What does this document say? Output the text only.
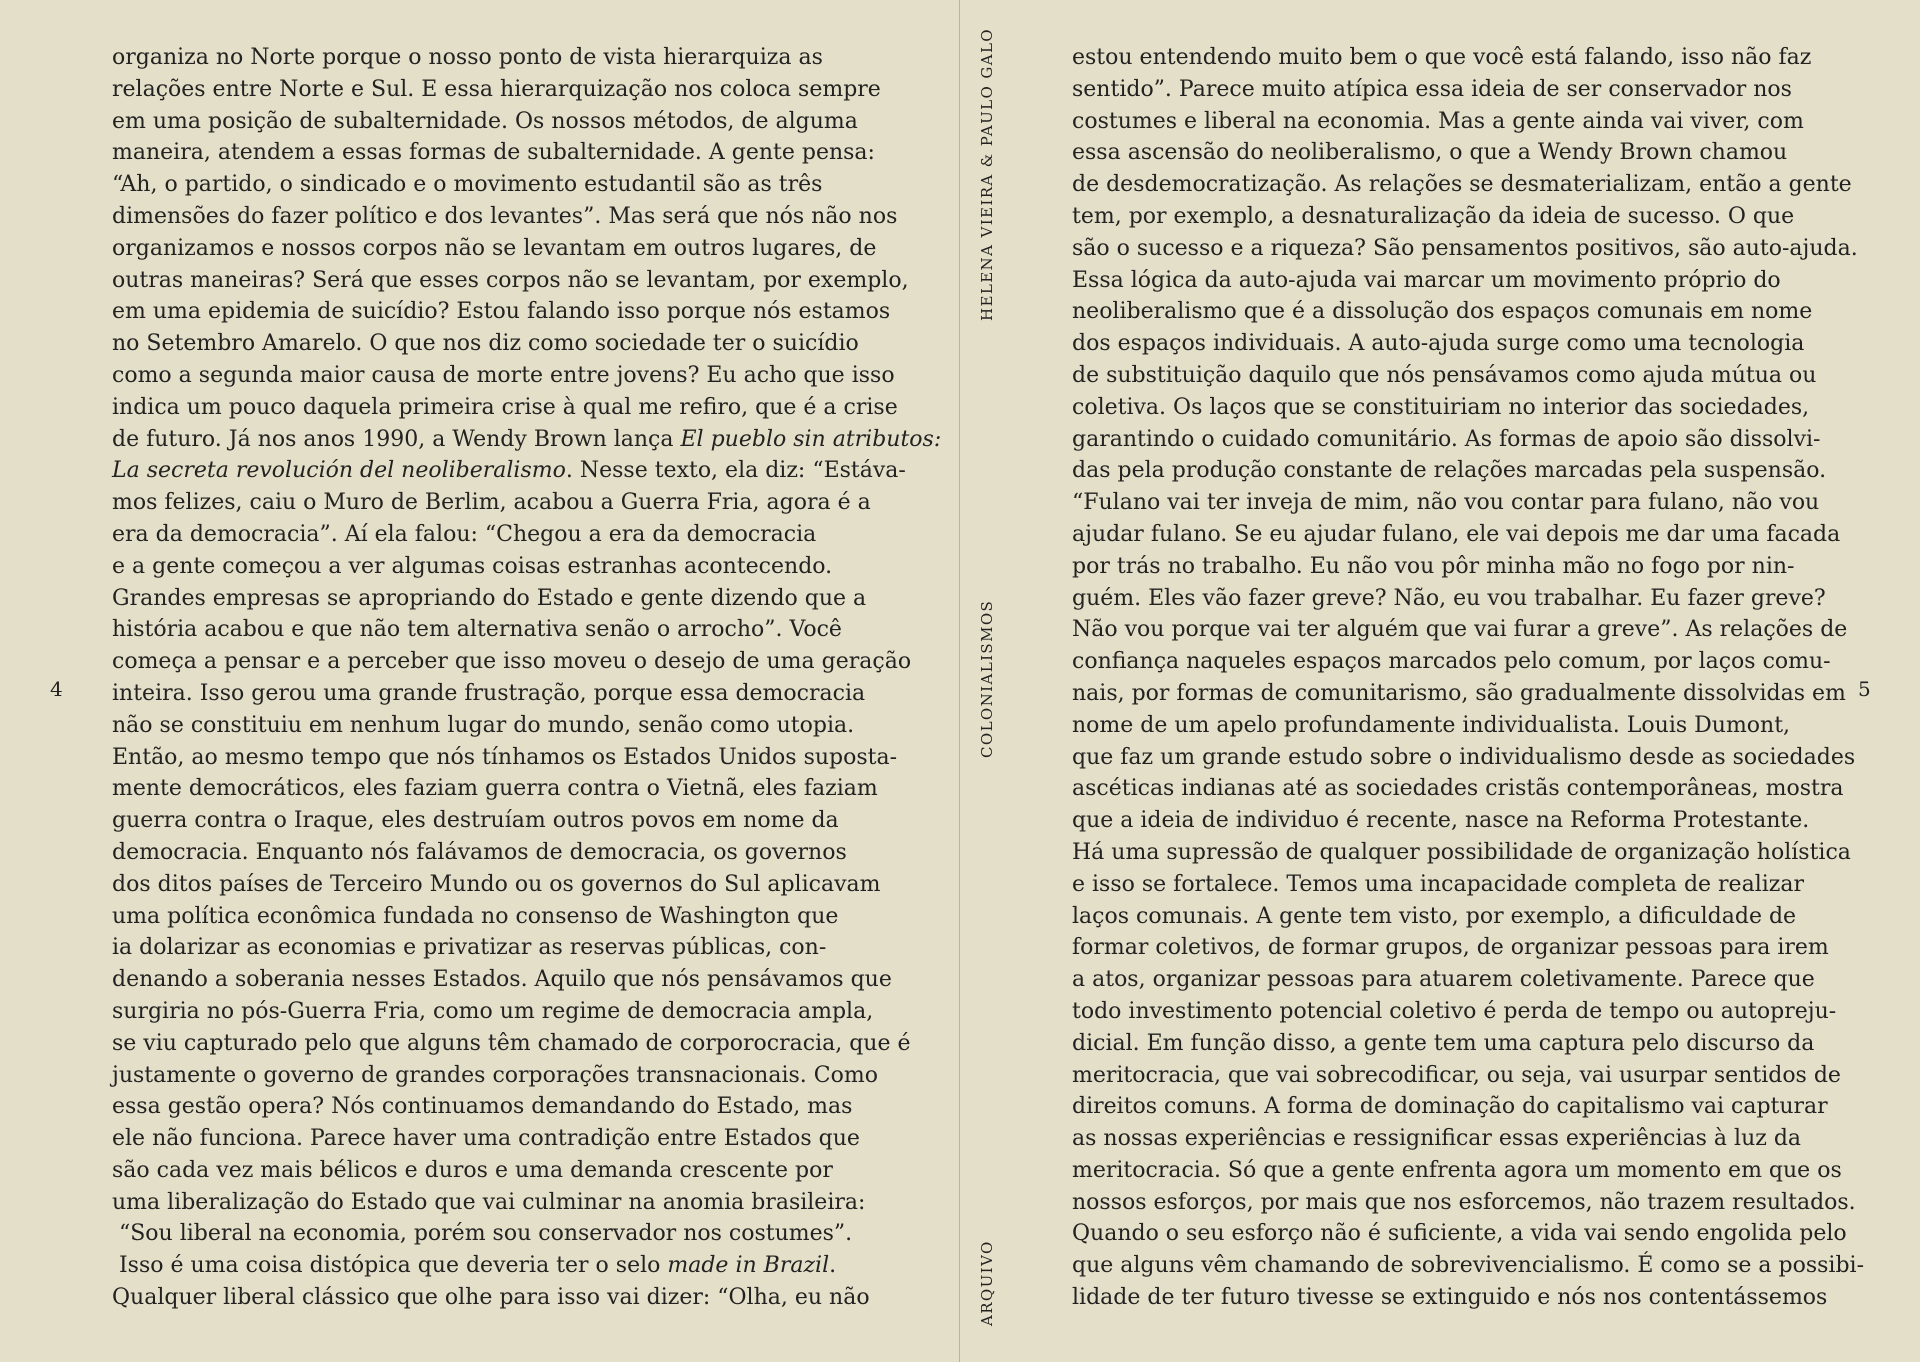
organiza no Norte porque o nosso ponto de vista hierarquiza as
relações entre Norte e Sul. E essa hierarquização nos coloca sempre
em uma posição de subalternidade. Os nossos métodos, de alguma
maneira, atendem a essas formas de subalternidade. A gente pensa:
“Ah, o partido, o sindicado e o movimento estudantil são as três
dimensões do fazer político e dos levantes”. Mas será que nós não nos
organizamos e nossos corpos não se levantam em outros lugares, de
outras maneiras? Será que esses corpos não se levantam, por exemplo,
em uma epidemia de suicídio? Estou falando isso porque nós estamos
no Setembro Amarelo. O que nos diz como sociedade ter o suicídio
como a segunda maior causa de morte entre jovens? Eu acho que isso
indica um pouco daquela primeira crise à qual me refiro, que é a crise
de futuro. Já nos anos 1990, a Wendy Brown lança El pueblo sin atributos:
La secreta revolución del neoliberalismo. Nesse texto, ela diz: “Estáva-
mos felizes, caiu o Muro de Berlim, acabou a Guerra Fria, agora é a
era da democracia”. Aí ela falou: “Chegou a era da democracia
e a gente começou a ver algumas coisas estranhas acontecendo.
Grandes empresas se apropriando do Estado e gente dizendo que a
história acabou e que não tem alternativa senão o arrocho”. Você
começa a pensar e a perceber que isso moveu o desejo de uma geração
inteira. Isso gerou uma grande frustração, porque essa democracia
não se constituiu em nenhum lugar do mundo, senão como utopia.
Então, ao mesmo tempo que nós tínhamos os Estados Unidos suposta-
mente democráticos, eles faziam guerra contra o Vietnã, eles faziam
guerra contra o Iraque, eles destruíam outros povos em nome da
democracia. Enquanto nós falávamos de democracia, os governos
dos ditos países de Terceiro Mundo ou os governos do Sul aplicavam
uma política econômica fundada no consenso de Washington que
ia dolarizar as economias e privatizar as reservas públicas, con-
denando a soberania nesses Estados. Aquilo que nós pensávamos que
surgiria no pós-Guerra Fria, como um regime de democracia ampla,
se viu capturado pelo que alguns têm chamado de corporocracia, que é
justamente o governo de grandes corporações transnacionais. Como
essa gestão opera? Nós continuamos demandando do Estado, mas
ele não funciona. Parece haver uma contradição entre Estados que
são cada vez mais bélicos e duros e uma demanda crescente por
uma liberalização do Estado que vai culminar na anomia brasileira:
“Sou liberal na economia, porém sou conservador nos costumes”.
Isso é uma coisa distópica que deveria ter o selo made in Brazil.
Qualquer liberal clássico que olhe para isso vai dizer: “Olha, eu não
estou entendendo muito bem o que você está falando, isso não faz
sentido”. Parece muito atípica essa ideia de ser conservador nos
costumes e liberal na economia. Mas a gente ainda vai viver, com
essa ascensão do neoliberalismo, o que a Wendy Brown chamou
de desdemocratização. As relações se desmaterializam, então a gente
tem, por exemplo, a desnaturalização da ideia de sucesso. O que
são o sucesso e a riqueza? São pensamentos positivos, são auto-ajuda.
Essa lógica da auto-ajuda vai marcar um movimento próprio do
neoliberalismo que é a dissolução dos espaços comunais em nome
dos espaços individuais. A auto-ajuda surge como uma tecnologia
de substituição daquilo que nós pensávamos como ajuda mútua ou
coletiva. Os laços que se constituiriam no interior das sociedades,
garantindo o cuidado comunitário. As formas de apoio são dissolvi-
das pela produção constante de relações marcadas pela suspensão.
“Fulano vai ter inveja de mim, não vou contar para fulano, não vou
ajudar fulano. Se eu ajudar fulano, ele vai depois me dar uma facada
por trás no trabalho. Eu não vou pôr minha mão no fogo por nin-
guém. Eles vão fazer greve? Não, eu vou trabalhar. Eu fazer greve?
Não vou porque vai ter alguém que vai furar a greve”. As relações de
confiança naqueles espaços marcados pelo comum, por laços comu-
nais, por formas de comunitarismo, são gradualmente dissolvidas em
nome de um apelo profundamente individualista. Louis Dumont,
que faz um grande estudo sobre o individualismo desde as sociedades
ascéticas indianas até as sociedades cristãs contemporâneas, mostra
que a ideia de individuo é recente, nasce na Reforma Protestante.
Há uma supressão de qualquer possibilidade de organização holística
e isso se fortalece. Temos uma incapacidade completa de realizar
laços comunais. A gente tem visto, por exemplo, a dificuldade de
formar coletivos, de formar grupos, de organizar pessoas para irem
a atos, organizar pessoas para atuarem coletivamente. Parece que
todo investimento potencial coletivo é perda de tempo ou autopreju-
dicial. Em função disso, a gente tem uma captura pelo discurso da
meritocracia, que vai sobrecodificar, ou seja, vai usurpar sentidos de
direitos comuns. A forma de dominação do capitalismo vai capturar
as nossas experiências e ressignificar essas experiências à luz da
meritocracia. Só que a gente enfrenta agora um momento em que os
nossos esforços, por mais que nos esforcemos, não trazem resultados.
Quando o seu esforço não é suficiente, a vida vai sendo engolida pelo
que alguns vêm chamando de sobrevivencialismo. É como se a possibi-
lidade de ter futuro tivesse se extinguido e nós nos contentássemos
4	5
HELENA VIEIRA & PAULO GALO
COLONIALISMOS
ARQUIVO
